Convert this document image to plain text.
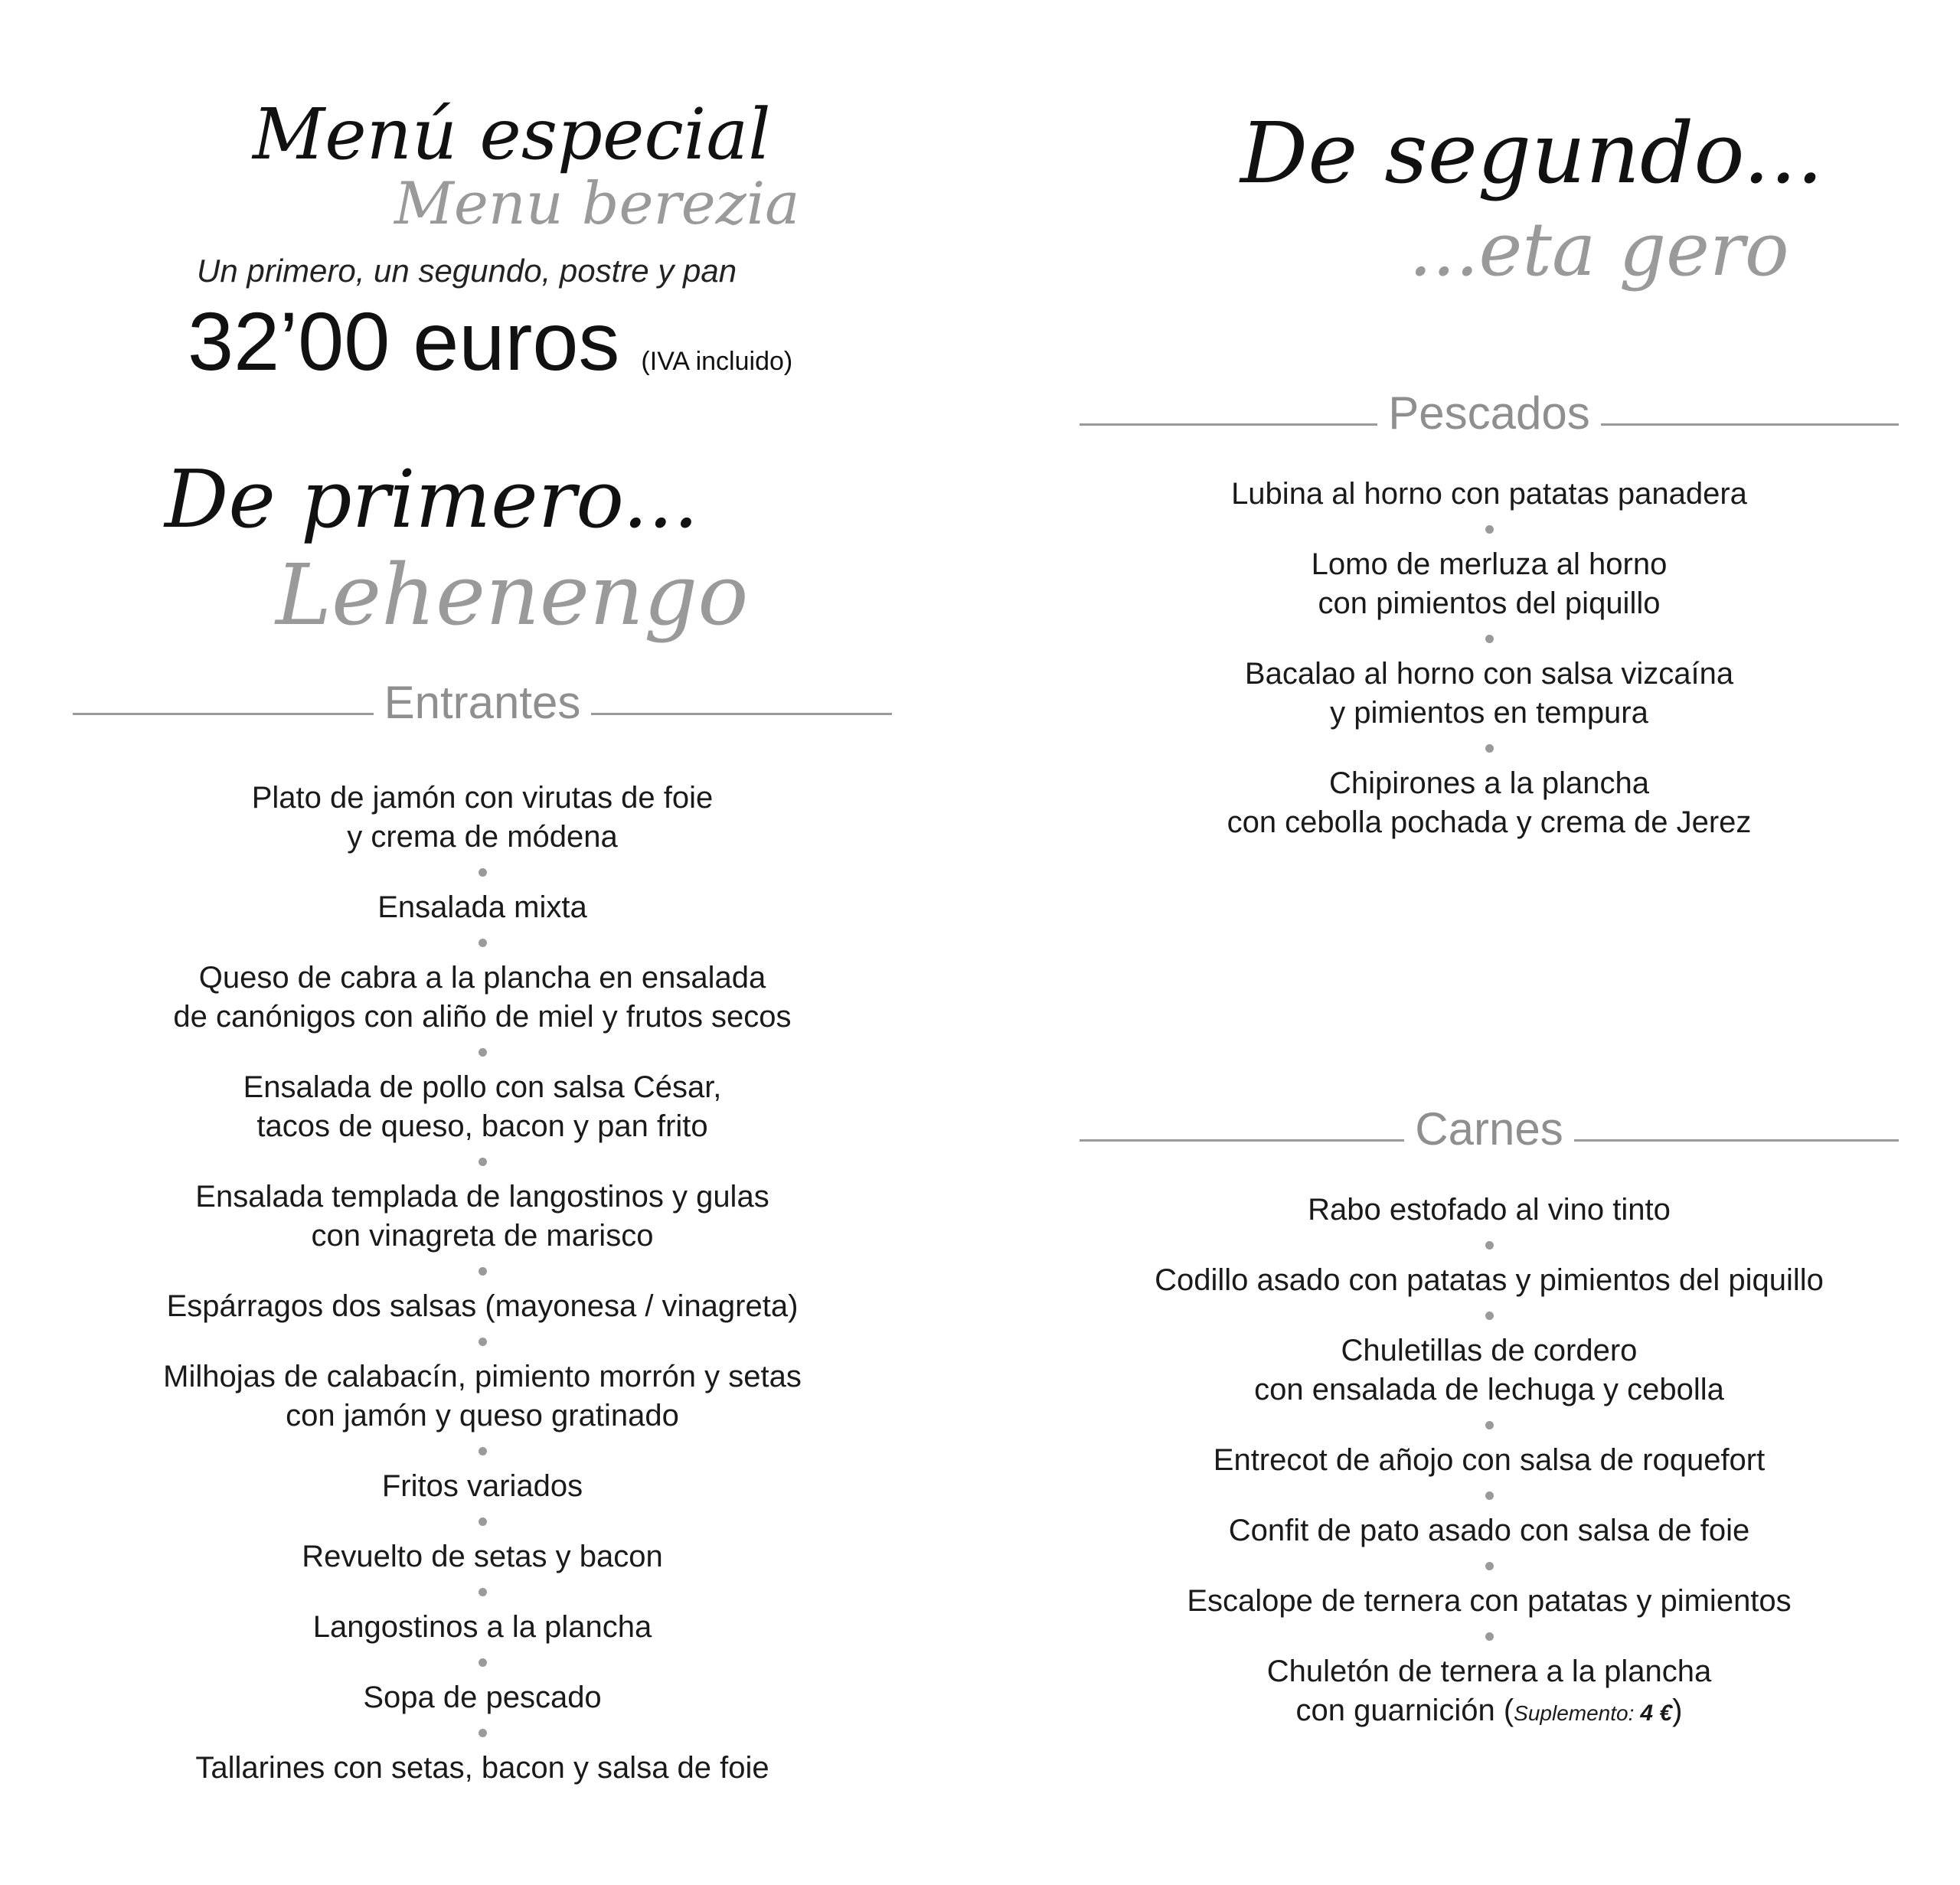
Menú especial
Menu berezia
Un primero, un segundo, postre y pan
32’00 euros (IVA incluido)
De primero...
Lehenengo
Entrantes
Plato de jamón con virutas de foie
y crema de módena
Ensalada mixta
Queso de cabra a la plancha en ensalada
de canónigos con aliño de miel y frutos secos
Ensalada de pollo con salsa César,
tacos de queso, bacon y pan frito
Ensalada templada de langostinos y gulas
con vinagreta de marisco
Espárragos dos salsas (mayonesa / vinagreta)
Milhojas de calabacín, pimiento morrón y setas
con jamón y queso gratinado
Fritos variados
Revuelto de setas y bacon
Langostinos a la plancha
Sopa de pescado
Tallarines con setas, bacon y salsa de foie
De segundo...
...eta gero
Pescados
Lubina al horno con patatas panadera
Lomo de merluza al horno
con pimientos del piquillo
Bacalao al horno con salsa vizcaína
y pimientos en tempura
Chipirones a la plancha
con cebolla pochada y crema de Jerez
Carnes
Rabo estofado al vino tinto
Codillo asado con patatas y pimientos del piquillo
Chuletillas de cordero
con ensalada de lechuga y cebolla
Entrecot de añojo con salsa de roquefort
Confit de pato asado con salsa de foie
Escalope de ternera con patatas y pimientos
Chuletón de ternera a la plancha
con guarnición (Suplemento: 4 €)
